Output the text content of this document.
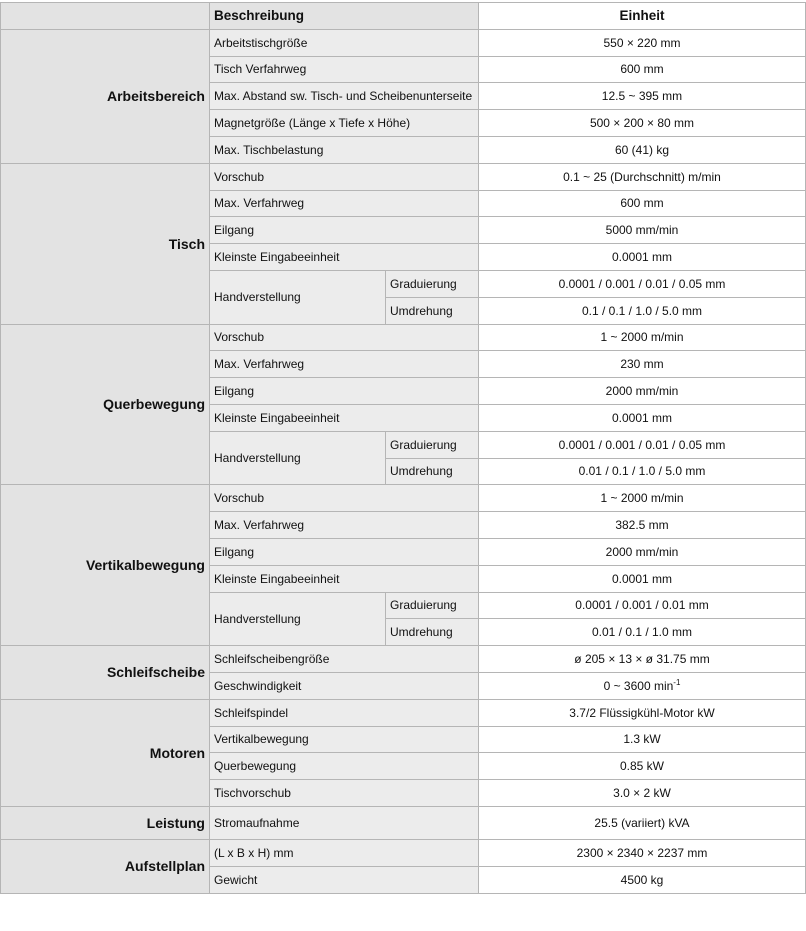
	Beschreibung		Einheit
Arbeitsbereich	Arbeitstischgröße		550 × 220 mm
	Tisch Verfahrweg		600 mm
	Max. Abstand sw. Tisch- und Scheibenunterseite		12.5 ~ 395 mm
	Magnetgröße (Länge x Tiefe x Höhe)		500 × 200 × 80 mm
	Max. Tischbelastung		60 (41) kg
Tisch	Vorschub		0.1 ~ 25 (Durchschnitt) m/min
	Max. Verfahrweg		600 mm
	Eilgang		5000 mm/min
	Kleinste Eingabeeinheit		0.0001 mm
	Handverstellung	Graduierung	0.0001 / 0.001 / 0.01 / 0.05 mm
		Umdrehung	0.1 / 0.1 / 1.0 / 5.0 mm
Querbewegung	Vorschub		1 ~ 2000 m/min
	Max. Verfahrweg		230 mm
	Eilgang		2000 mm/min
	Kleinste Eingabeeinheit		0.0001 mm
	Handverstellung	Graduierung	0.0001 / 0.001 / 0.01 / 0.05 mm
		Umdrehung	0.01 / 0.1 / 1.0 / 5.0 mm
Vertikalbewegung	Vorschub		1 ~ 2000 m/min
	Max. Verfahrweg		382.5 mm
	Eilgang		2000 mm/min
	Kleinste Eingabeeinheit		0.0001 mm
	Handverstellung	Graduierung	0.0001 / 0.001 / 0.01 mm
		Umdrehung	0.01 / 0.1 / 1.0 mm
Schleifscheibe	Schleifscheibengröße		ø 205 × 13 × ø 31.75 mm
	Geschwindigkeit		0 ~ 3600 $\min^{-1}$
Motoren	Schleifspindel		3.7/2 Flüssigkühl-Motor kW
	Vertikalbewegung		1.3 kW
	Querbewegung		0.85 kW
	Tischvorschub		3.0 × 2 kW
Leistung	Stromaufnahme		25.5 (variiert) kVA
Aufstellplan	(L x B x H) mm		2300 × 2340 × 2237 mm
	Gewicht		4500 kg
